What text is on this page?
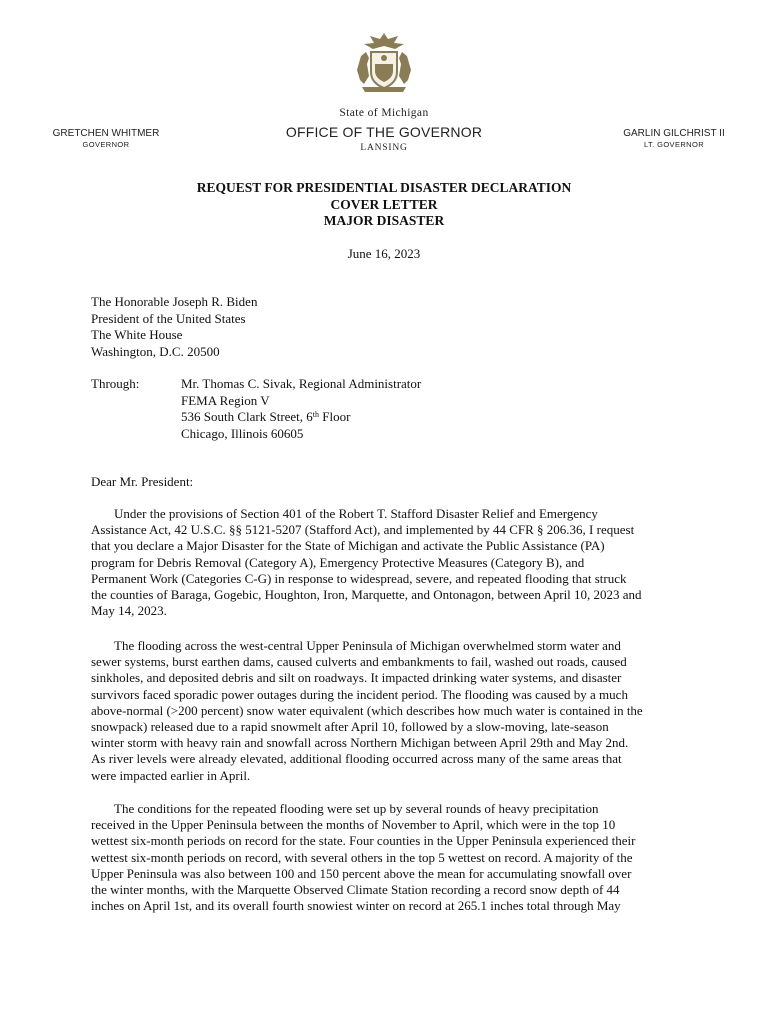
State of Michigan
OFFICE OF THE GOVERNOR
LANSING
GRETCHEN WHITMER
GOVERNOR
GARLIN GILCHRIST II
LT. GOVERNOR
REQUEST FOR PRESIDENTIAL DISASTER DECLARATION
COVER LETTER
MAJOR DISASTER
June 16, 2023
The Honorable Joseph R. Biden
President of the United States
The White House
Washington, D.C. 20500
Through:	Mr. Thomas C. Sivak, Regional Administrator
FEMA Region V
536 South Clark Street, 6th Floor
Chicago, Illinois 60605
Dear Mr. President:
Under the provisions of Section 401 of the Robert T. Stafford Disaster Relief and Emergency
Assistance Act, 42 U.S.C. §§ 5121-5207 (Stafford Act), and implemented by 44 CFR § 206.36, I request
that you declare a Major Disaster for the State of Michigan and activate the Public Assistance (PA)
program for Debris Removal (Category A), Emergency Protective Measures (Category B), and
Permanent Work (Categories C-G) in response to widespread, severe, and repeated flooding that struck
the counties of Baraga, Gogebic, Houghton, Iron, Marquette, and Ontonagon, between April 10, 2023 and
May 14, 2023.
The flooding across the west-central Upper Peninsula of Michigan overwhelmed storm water and
sewer systems, burst earthen dams, caused culverts and embankments to fail, washed out roads, caused
sinkholes, and deposited debris and silt on roadways. It impacted drinking water systems, and disaster
survivors faced sporadic power outages during the incident period. The flooding was caused by a much
above-normal (>200 percent) snow water equivalent (which describes how much water is contained in the
snowpack) released due to a rapid snowmelt after April 10, followed by a slow-moving, late-season
winter storm with heavy rain and snowfall across Northern Michigan between April 29th and May 2nd.
As river levels were already elevated, additional flooding occurred across many of the same areas that
were impacted earlier in April.
The conditions for the repeated flooding were set up by several rounds of heavy precipitation
received in the Upper Peninsula between the months of November to April, which were in the top 10
wettest six-month periods on record for the state. Four counties in the Upper Peninsula experienced their
wettest six-month periods on record, with several others in the top 5 wettest on record. A majority of the
Upper Peninsula was also between 100 and 150 percent above the mean for accumulating snowfall over
the winter months, with the Marquette Observed Climate Station recording a record snow depth of 44
inches on April 1st, and its overall fourth snowiest winter on record at 265.1 inches total through May
